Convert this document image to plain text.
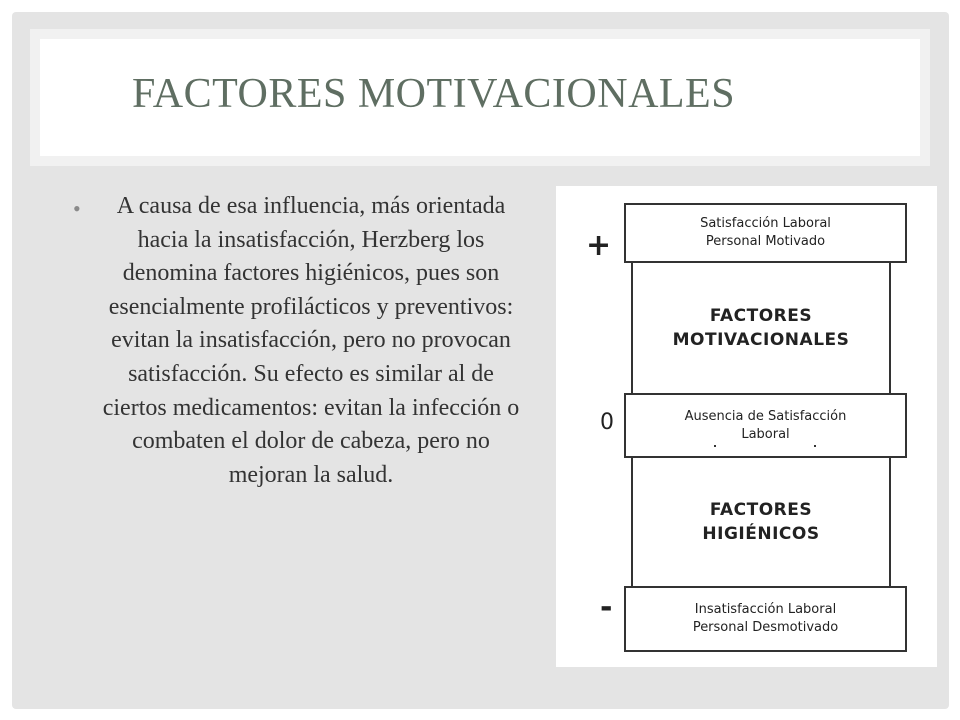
FACTORES MOTIVACIONALES
•	A causa de esa influencia, más orientada hacia la insatisfacción, Herzberg los denomina factores higiénicos, pues son esencialmente profilácticos y preventivos: evitan la insatisfacción, pero no provocan satisfacción. Su efecto es similar al de ciertos medicamentos: evitan la infección o combaten el dolor de cabeza, pero no mejoran la salud.
+
0
-
FACTORES
MOTIVACIONALES
FACTORES
HIGIÉNICOS
Satisfacción Laboral
Personal Motivado
Ausencia de Satisfacción
Laboral
Insatisfacción Laboral
Personal Desmotivado
